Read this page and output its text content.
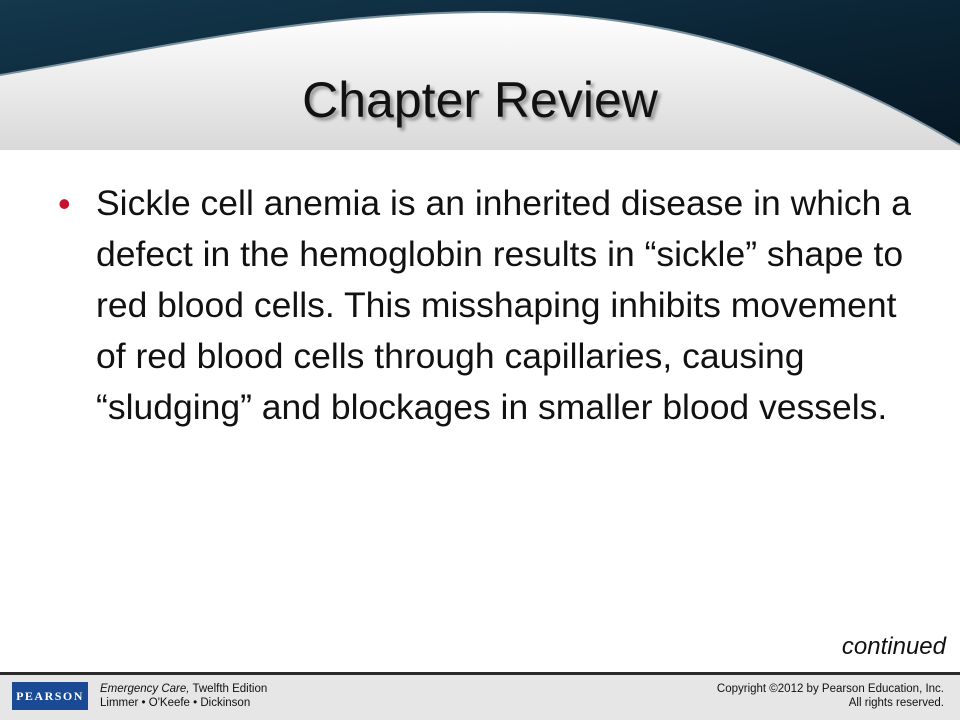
Chapter Review
• Sickle cell anemia is an inherited disease in which a defect in the hemoglobin results in “sickle” shape to red blood cells. This misshaping inhibits movement of red blood cells through capillaries, causing “sludging” and blockages in smaller blood vessels.

continued
PEARSON Emergency Care, Twelfth Edition
Limmer • O'Keefe • Dickinson
Copyright ©2012 by Pearson Education, Inc.
All rights reserved.
